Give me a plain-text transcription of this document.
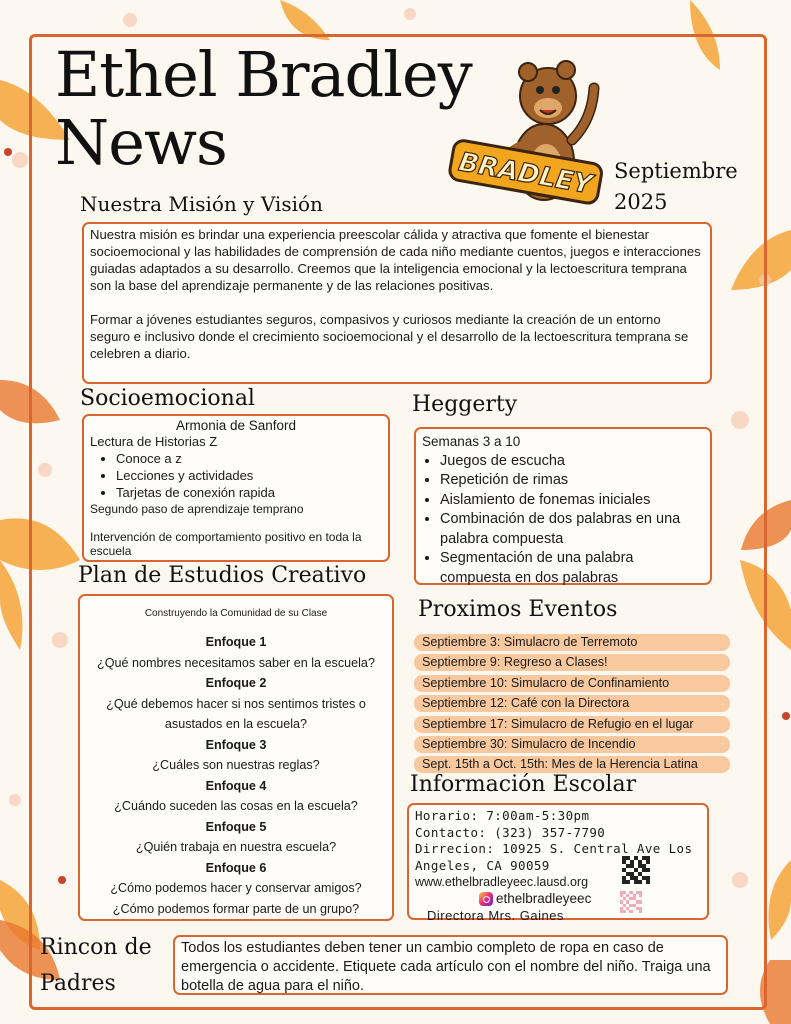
Ethel Bradley
News	BRADLEY Septiembre
2025
Nuestra Misión y Visión

Nuestra misión es brindar una experiencia preescolar cálida y atractiva que fomente el bienestar socioemocional y las habilidades de comprensión de cada niño mediante cuentos, juegos e interacciones guiadas adaptados a su desarrollo. Creemos que la inteligencia emocional y la lectoescritura temprana son la base del aprendizaje permanente y de las relaciones positivas.

Formar a jóvenes estudiantes seguros, compasivos y curiosos mediante la creación de un entorno seguro e inclusivo donde el crecimiento socioemocional y el desarrollo de la lectoescritura temprana se celebren a diario.

Socioemocional
Armonia de Sanford
Lectura de Historias Z
• Conoce a z
• Lecciones y actividades
• Tarjetas de conexión rapida
Segundo paso de aprendizaje temprano
Intervención de comportamiento positivo en toda la escuela
Heggerty
Semanas 3 a 10
• Juegos de escucha
• Repetición de rimas
• Aislamiento de fonemas iniciales
• Combinación de dos palabras en una palabra compuesta
• Segmentación de una palabra compuesta en dos palabras
Plan de Estudios Creativo
Construyendo la Comunidad de su Clase
Enfoque 1
¿Qué nombres necesitamos saber en la escuela?
Enfoque 2
¿Qué debemos hacer si nos sentimos tristes o
asustados en la escuela?
Enfoque 3
¿Cuáles son nuestras reglas?
Enfoque 4
¿Cuándo suceden las cosas en la escuela?
Enfoque 5
¿Quién trabaja en nuestra escuela?
Enfoque 6
¿Cómo podemos hacer y conservar amigos?
¿Cómo podemos formar parte de un grupo?
Proximos Eventos
Septiembre 3: Simulacro de Terremoto
Septiembre 9: Regreso a Clases!
Septiembre 10: Simulacro de Confinamiento
Septiembre 12: Café con la Directora
Septiembre 17: Simulacro de Refugio en el lugar
Septiembre 30: Simulacro de Incendio
Sept. 15th a Oct. 15th: Mes de la Herencia Latina
Información Escolar
Horario: 7:00am-5:30pm
Contacto: (323) 357-7790
Dirrecion: 10925 S. Central Ave Los
Angeles, CA 90059
www.ethelbradleyeec.lausd.org
ethelbradleyeec
Directora Mrs. Gaines
Rincon de
Padres
Todos los estudiantes deben tener un cambio completo de ropa en caso de emergencia o accidente. Etiquete cada artículo con el nombre del niño. Traiga una botella de agua para el niño.
